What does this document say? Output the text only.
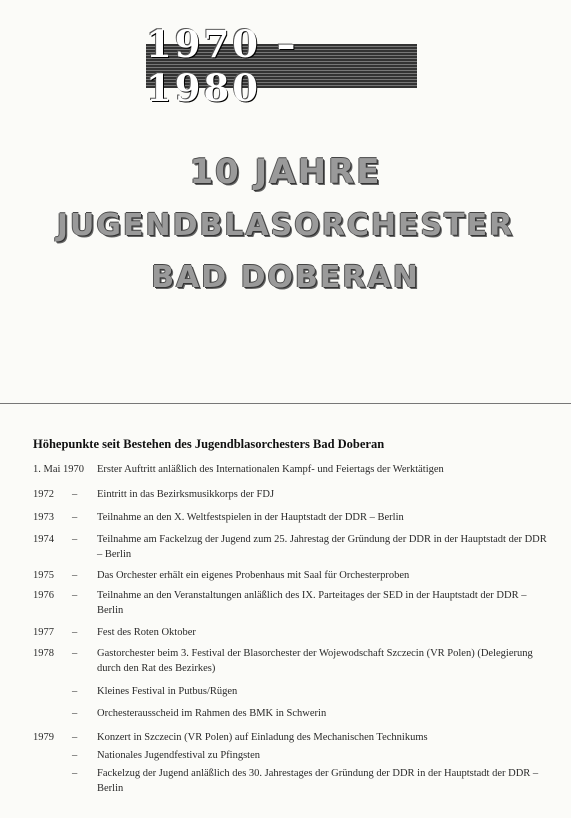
1970 – 1980
10 JAHRE
JUGENDBLASORCHESTER
BAD DOBERAN
Höhepunkte seit Bestehen des Jugendblasorchesters Bad Doberan
1. Mai 1970 Erster Auftritt anläßlich des Internationalen Kampf- und Feiertags der Werktätigen
1972 – Eintritt in das Bezirksmusikkorps der FDJ
1973 – Teilnahme an den X. Weltfestspielen in der Hauptstadt der DDR – Berlin
1974 – Teilnahme am Fackelzug der Jugend zum 25. Jahrestag der Gründung der DDR in der Hauptstadt der DDR – Berlin
1975 – Das Orchester erhält ein eigenes Probenhaus mit Saal für Orchesterproben
1976 – Teilnahme an den Veranstaltungen anläßlich des IX. Parteitages der SED in der Hauptstadt der DDR – Berlin
1977 – Fest des Roten Oktober
1978 – Gastorchester beim 3. Festival der Blasorchester der Wojewodschaft Szczecin (VR Polen) (Delegierung durch den Rat des Bezirkes)
– Kleines Festival in Putbus/Rügen
– Orchesterausscheid im Rahmen des BMK in Schwerin
1979 – Konzert in Szczecin (VR Polen) auf Einladung des Mechanischen Technikums
– Nationales Jugendfestival zu Pfingsten
– Fackelzug der Jugend anläßlich des 30. Jahrestages der Gründung der DDR in der Hauptstadt der DDR – Berlin
